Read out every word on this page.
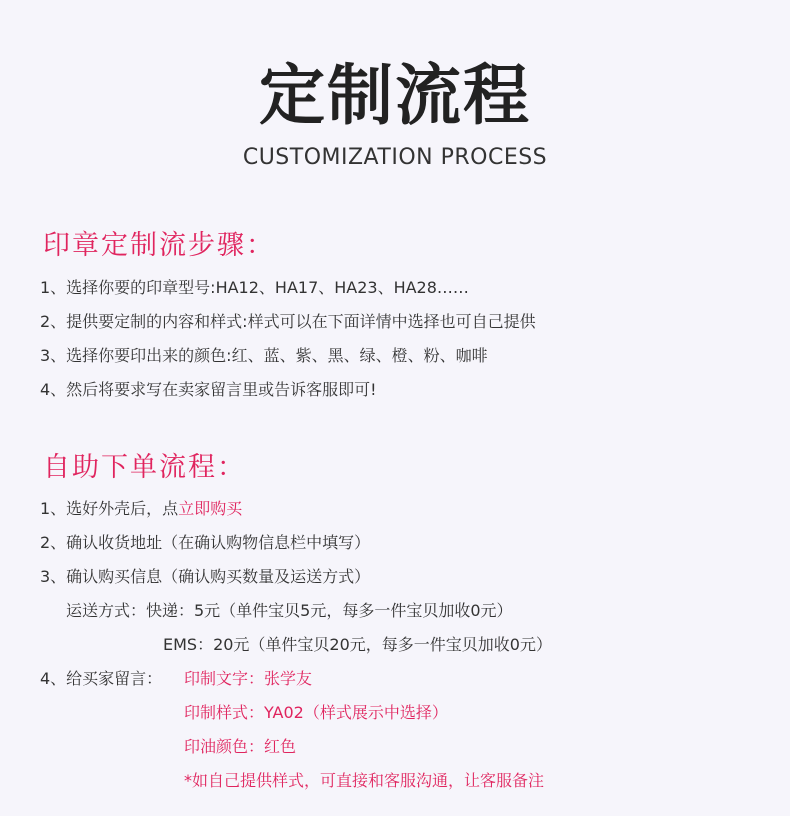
定制流程
CUSTOMIZATION PROCESS
印章定制流步骤：
1、选择你要的印章型号:HA12、HA17、HA23、HA28……
2、提供要定制的内容和样式:样式可以在下面详情中选择也可自己提供
3、选择你要印出来的颜色:红、蓝、紫、黑、绿、橙、粉、咖啡
4、然后将要求写在卖家留言里或告诉客服即可!
自助下单流程：
1、选好外壳后，点立即购买
2、确认收货地址（在确认购物信息栏中填写）
3、确认购买信息（确认购买数量及运送方式）
运送方式：快递：5元（单件宝贝5元，每多一件宝贝加收0元）
EMS：20元（单件宝贝20元，每多一件宝贝加收0元）
4、给买家留言： 印制文字：张学友
印制样式：YA02（样式展示中选择）
印油颜色：红色
*如自己提供样式，可直接和客服沟通，让客服备注
